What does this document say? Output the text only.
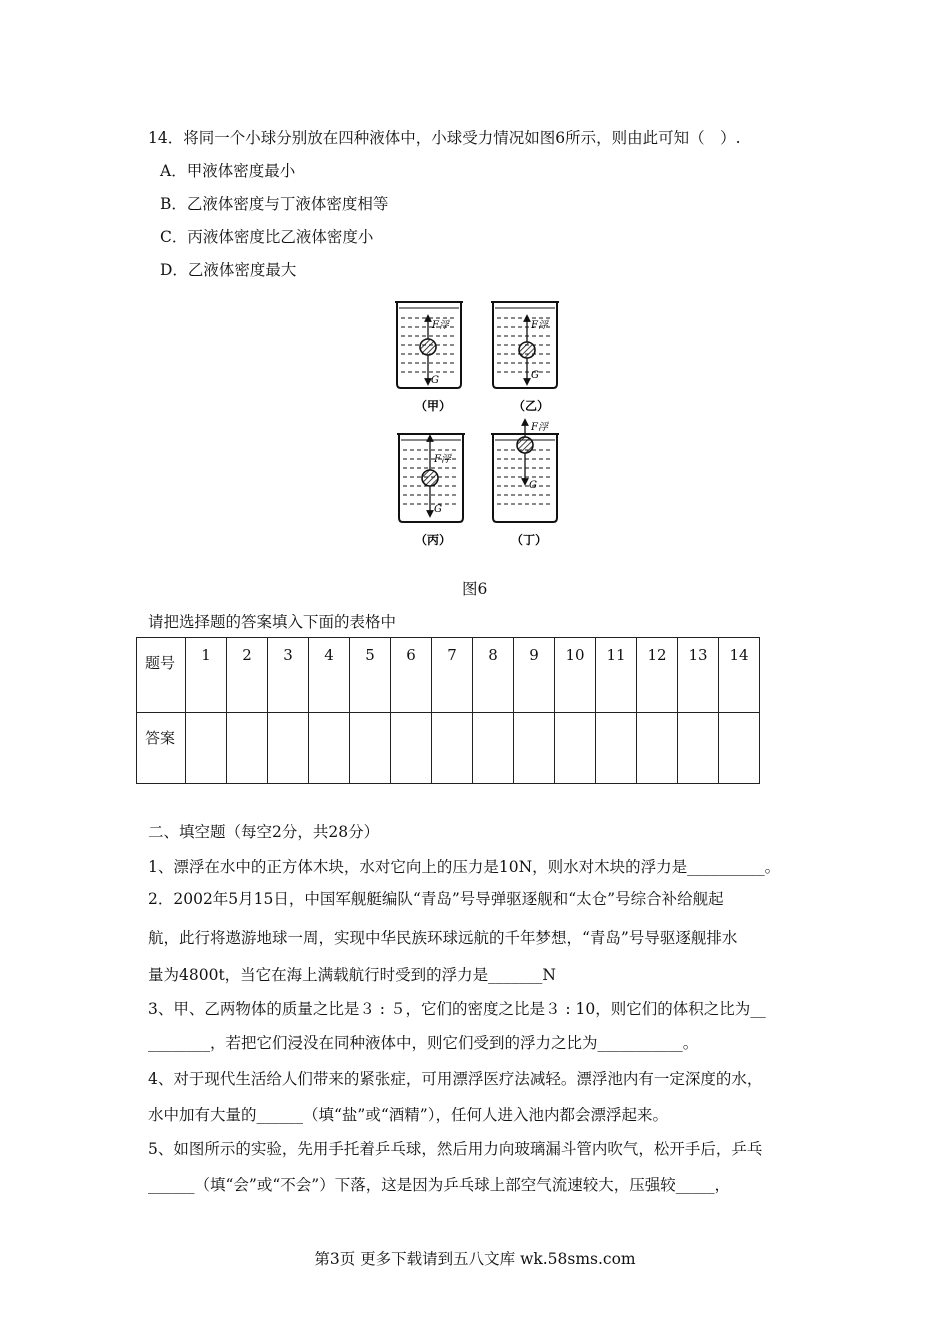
14．将同一个小球分别放在四种液体中，小球受力情况如图6所示，则由此可知（　）.
A．甲液体密度最小
B．乙液体密度与丁液体密度相等
C．丙液体密度比乙液体密度小
D．乙液体密度最大
F浮
G
（甲）
F浮
G
（乙）
F浮
G
（丙）
F浮
G
（丁）
图6
请把选择题的答案填入下面的表格中
题号	1	2	3	4	5	6	7	8	9	10	11	12	13	14
答案														
二、填空题（每空2分，共28分）
1、漂浮在水中的正方体木块，水对它向上的压力是10N，则水对木块的浮力是__________。
2．2002年5月15日，中国军舰艇编队“青岛”号导弹驱逐舰和“太仓”号综合补给舰起
航，此行将遨游地球一周，实现中华民族环球远航的千年梦想，“青岛”号导驱逐舰排水
量为4800t，当它在海上满载航行时受到的浮力是_______N
3、甲、乙两物体的质量之比是３ : ５，它们的密度之比是３ : 10，则它们的体积之比为__
________，若把它们浸没在同种液体中，则它们受到的浮力之比为___________。
4、对于现代生活给人们带来的紧张症，可用漂浮医疗法减轻。漂浮池内有一定深度的水，
水中加有大量的______（填“盐”或“酒精”），任何人进入池内都会漂浮起来。
5、如图所示的实验，先用手托着乒乓球，然后用力向玻璃漏斗管内吹气，松开手后，乒乓
______（填“会”或“不会”）下落，这是因为乒乓球上部空气流速较大，压强较_____，
第3页 更多下载请到五八文库 wk.58sms.com
